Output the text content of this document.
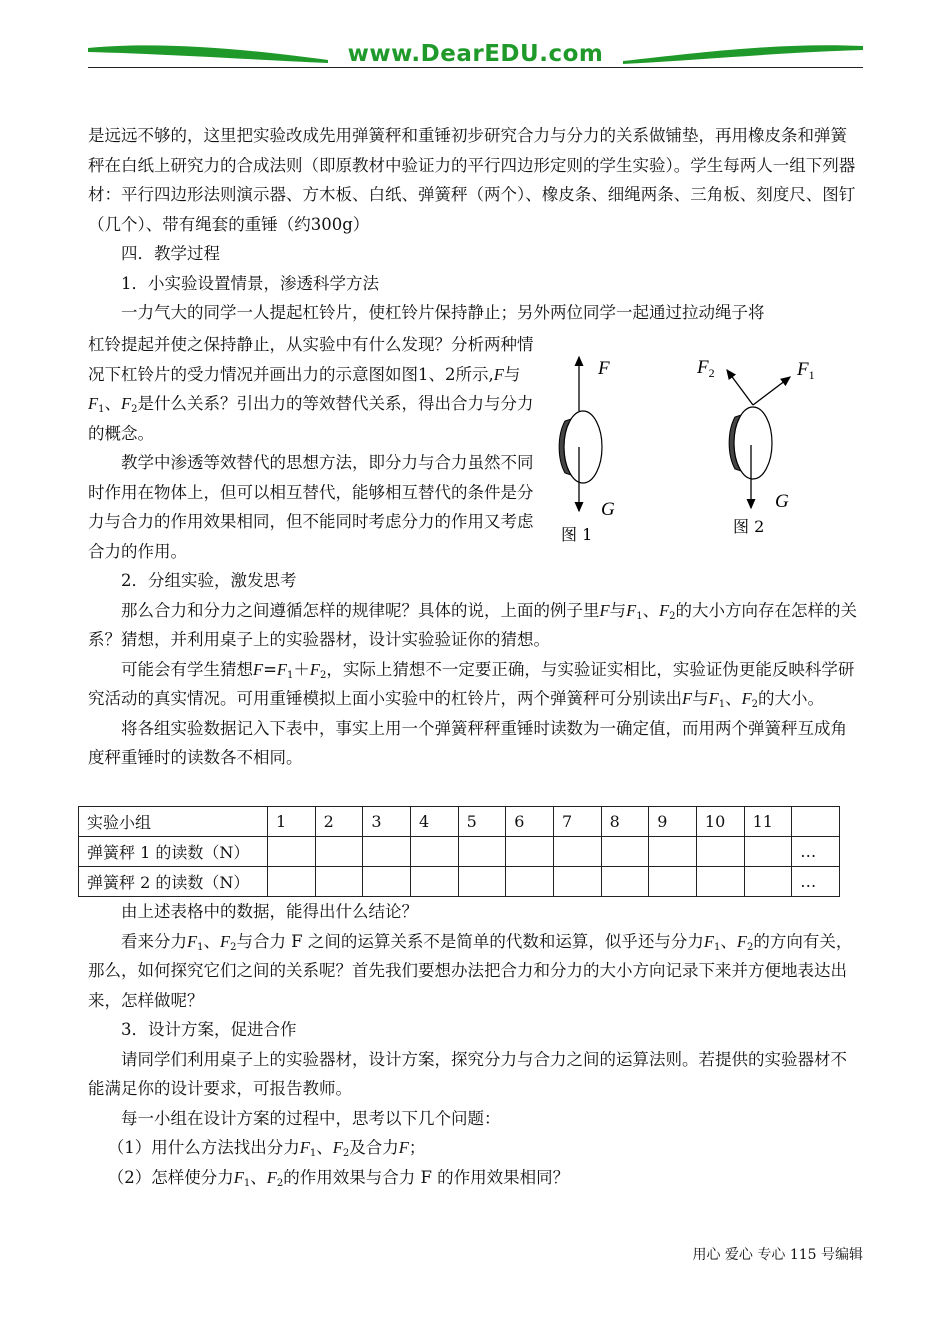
www.DearEDU.com

是远远不够的，这里把实验改成先用弹簧秤和重锤初步研究合力与分力的关系做铺垫，再用橡皮条和弹簧秤在白纸上研究力的合成法则（即原教材中验证力的平行四边形定则的学生实验）。学生每两人一组下列器材：平行四边形法则演示器、方木板、白纸、弹簧秤（两个）、橡皮条、细绳两条、三角板、刻度尺、图钉（几个）、带有绳套的重锤（约300g）

四．教学过程

1．小实验设置情景，渗透科学方法

一力气大的同学一人提起杠铃片，使杠铃片保持静止；另外两位同学一起通过拉动绳子将

杠铃提起并使之保持静止，从实验中有什么发现？分析两种情况下杠铃片的受力情况并画出力的示意图如图1、2所示,F与$F_1$、$F_2$是什么关系？引出力的等效替代关系，得出合力与分力的概念。

教学中渗透等效替代的思想方法，即分力与合力虽然不同时作用在物体上，但可以相互替代，能够相互替代的条件是分力与合力的作用效果相同，但不能同时考虑分力的作用又考虑合力的作用。

F
G
图 1
$F_2$	$F_1$
G
图 2

2．分组实验，激发思考

那么合力和分力之间遵循怎样的规律呢？具体的说，上面的例子里F与$F_1$、$F_2$的大小方向存在怎样的关系？猜想，并利用桌子上的实验器材，设计实验验证你的猜想。

可能会有学生猜想$F=F_1+F_2$，实际上猜想不一定要正确，与实验证实相比，实验证伪更能反映科学研究活动的真实情况。可用重锤模拟上面小实验中的杠铃片，两个弹簧秤可分别读出F与$F_1$、$F_2$的大小。

将各组实验数据记入下表中，事实上用一个弹簧秤秤重锤时读数为一确定值，而用两个弹簧秤互成角度秤重锤时的读数各不相同。

实验小组	1	2	3	4	5	6	7	8	9	10	11	
弹簧秤 1 的读数（N）												…
弹簧秤 2 的读数（N）												…

由上述表格中的数据，能得出什么结论？

看来分力$F_1$、$F_2$与合力 F 之间的运算关系不是简单的代数和运算，似乎还与分力$F_1$、$F_2$的方向有关，那么，如何探究它们之间的关系呢？首先我们要想办法把合力和分力的大小方向记录下来并方便地表达出来，怎样做呢？

3．设计方案，促进合作

请同学们利用桌子上的实验器材，设计方案，探究分力与合力之间的运算法则。若提供的实验器材不能满足你的设计要求，可报告教师。

每一小组在设计方案的过程中，思考以下几个问题：

（1）用什么方法找出分力$F_1$、$F_2$及合力F；

（2）怎样使分力$F_1$、$F_2$的作用效果与合力 F 的作用效果相同？

用心 爱心 专心 115 号编辑
